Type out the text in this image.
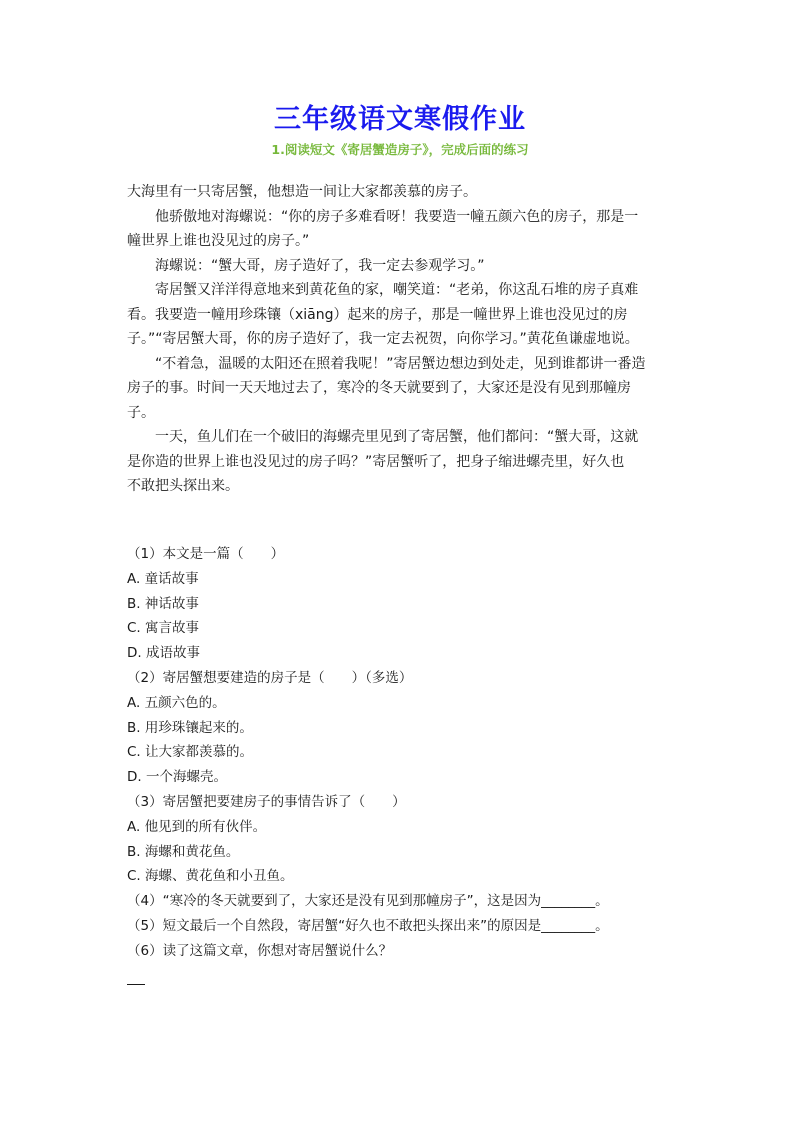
三年级语文寒假作业
1.阅读短文《寄居蟹造房子》，完成后面的练习

大海里有一只寄居蟹，他想造一间让大家都羡慕的房子。

　　他骄傲地对海螺说：“你的房子多难看呀！我要造一幢五颜六色的房子，那是一

幢世界上谁也没见过的房子。”

　　海螺说：“蟹大哥，房子造好了，我一定去参观学习。”

　　寄居蟹又洋洋得意地来到黄花鱼的家，嘲笑道：“老弟，你这乱石堆的房子真难

看。我要造一幢用珍珠镶（xiāng）起来的房子，那是一幢世界上谁也没见过的房

子。”“寄居蟹大哥，你的房子造好了，我一定去祝贺，向你学习。”黄花鱼谦虚地说。

　　“不着急，温暖的太阳还在照着我呢！”寄居蟹边想边到处走，见到谁都讲一番造

房子的事。时间一天天地过去了，寒冷的冬天就要到了，大家还是没有见到那幢房

子。

　　一天，鱼儿们在一个破旧的海螺壳里见到了寄居蟹，他们都问：“蟹大哥，这就

是你造的世界上谁也没见过的房子吗？”寄居蟹听了，把身子缩进螺壳里，好久也

不敢把头探出来。

（1）本文是一篇（　　）
A. 童话故事
B. 神话故事
C. 寓言故事
D. 成语故事
（2）寄居蟹想要建造的房子是（　　）（多选）
A. 五颜六色的。
B. 用珍珠镶起来的。
C. 让大家都羡慕的。
D. 一个海螺壳。
（3）寄居蟹把要建房子的事情告诉了（　　）
A. 他见到的所有伙伴。
B. 海螺和黄花鱼。
C. 海螺、黄花鱼和小丑鱼。
（4）“寒冷的冬天就要到了，大家还是没有见到那幢房子”，这是因为________。
（5）短文最后一个自然段，寄居蟹“好久也不敢把头探出来”的原因是________。
（6）读了这篇文章，你想对寄居蟹说什么？
